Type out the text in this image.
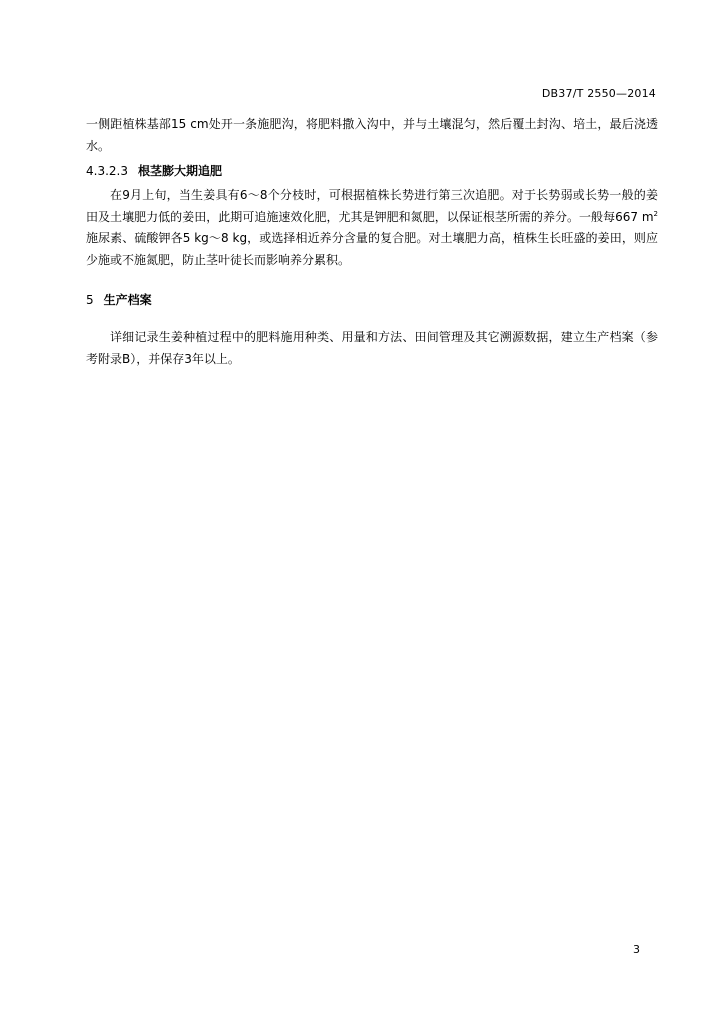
DB37/T 2550—2014

一侧距植株基部15 cm处开一条施肥沟，将肥料撒入沟中，并与土壤混匀，然后覆土封沟、培土，最后浇透水。

4.3.2.3 根茎膨大期追肥

在9月上旬，当生姜具有6～8个分枝时，可根据植株长势进行第三次追肥。对于长势弱或长势一般的姜田及土壤肥力低的姜田，此期可追施速效化肥，尤其是钾肥和氮肥，以保证根茎所需的养分。一般每667 $m^2$施尿素、硫酸钾各5 kg～8 kg，或选择相近养分含量的复合肥。对土壤肥力高，植株生长旺盛的姜田，则应少施或不施氮肥，防止茎叶徒长而影响养分累积。

5 生产档案

详细记录生姜种植过程中的肥料施用种类、用量和方法、田间管理及其它溯源数据，建立生产档案（参考附录B），并保存3年以上。

3
